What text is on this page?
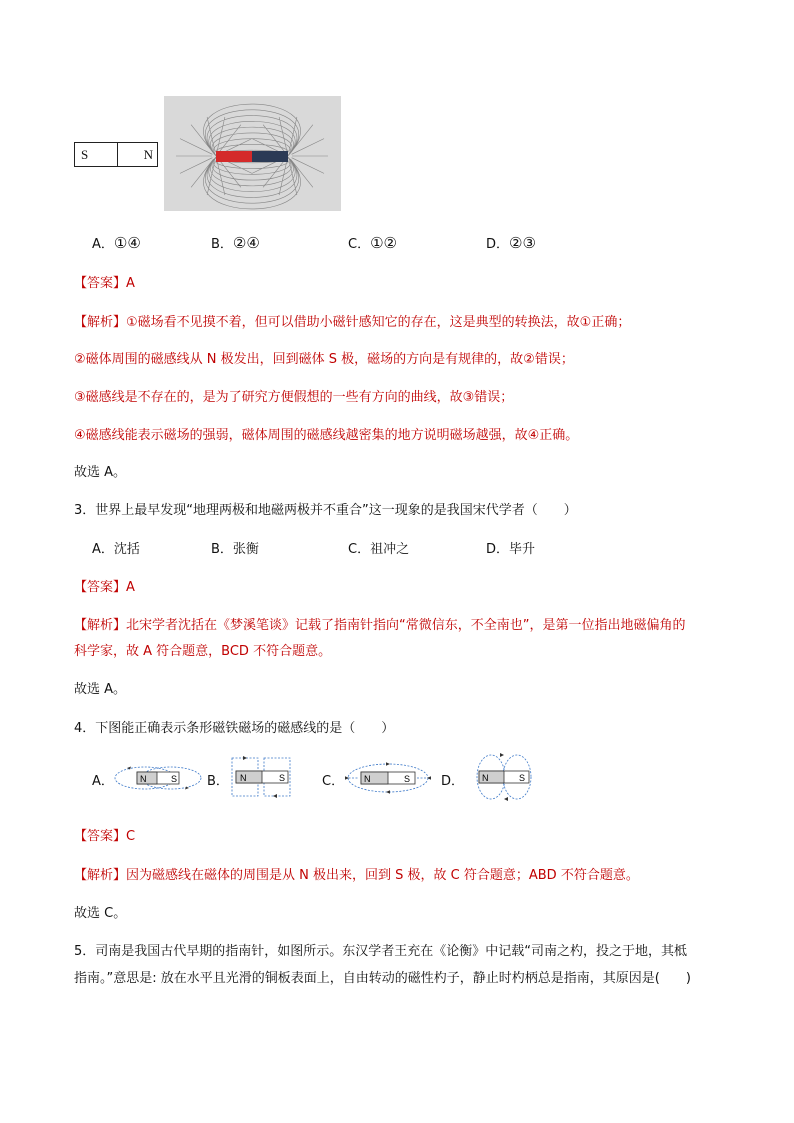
S	N
A．①④	B．②④	C．①②	D．②③
【答案】A
【解析】①磁场看不见摸不着，但可以借助小磁针感知它的存在，这是典型的转换法，故①正确；
②磁体周围的磁感线从 N 极发出，回到磁体 S 极，磁场的方向是有规律的，故②错误；
③磁感线是不存在的，是为了研究方便假想的一些有方向的曲线，故③错误；
④磁感线能表示磁场的强弱，磁体周围的磁感线越密集的地方说明磁场越强，故④正确。
故选 A。
3．世界上最早发现“地理两极和地磁两极并不重合”这一现象的是我国宋代学者（　　）
A．沈括	B．张衡	C．祖冲之	D．毕升
【答案】A
【解析】北宋学者沈括在《梦溪笔谈》记载了指南针指向“常微信东，不全南也”，是第一位指出地磁偏角的
科学家，故 A 符合题意，BCD 不符合题意。
故选 A。
4．下图能正确表示条形磁铁磁场的磁感线的是（　　）
A．	N	S B． N	S	C． N	S D． N	S
【答案】C
【解析】因为磁感线在磁体的周围是从 N 极出来，回到 S 极，故 C 符合题意；ABD 不符合题意。
故选 C。
5．司南是我国古代早期的指南针，如图所示。东汉学者王充在《论衡》中记载“司南之杓，投之于地，其柢
指南。”意思是: 放在水平且光滑的铜板表面上，自由转动的磁性杓子，静止时杓柄总是指南，其原因是(　　)
